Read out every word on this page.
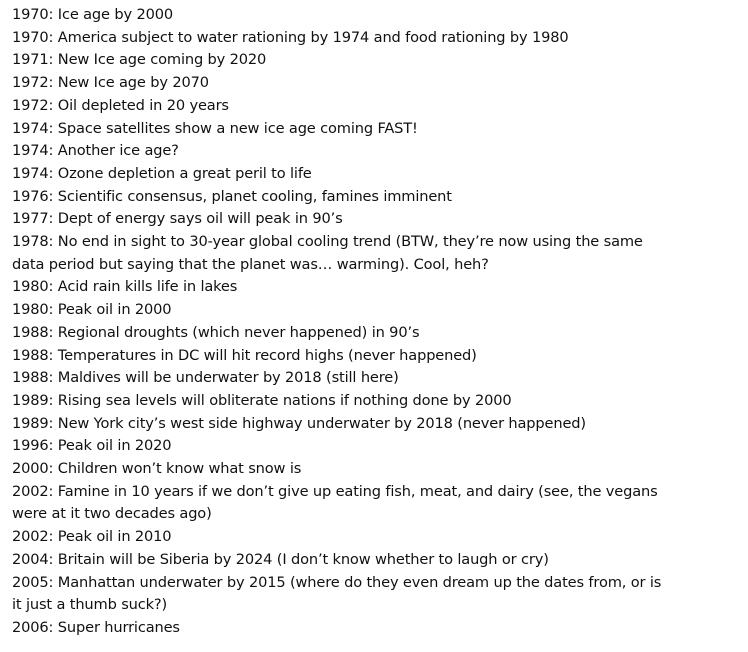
1970: Ice age by 2000

1970: America subject to water rationing by 1974 and food rationing by 1980

1971: New Ice age coming by 2020

1972: New Ice age by 2070

1972: Oil depleted in 20 years

1974: Space satellites show a new ice age coming FAST!

1974: Another ice age?

1974: Ozone depletion a great peril to life

1976: Scientific consensus, planet cooling, famines imminent

1977: Dept of energy says oil will peak in 90’s

1978: No end in sight to 30-year global cooling trend (BTW, they’re now using the same data period but saying that the planet was… warming). Cool, heh?

1980: Acid rain kills life in lakes

1980: Peak oil in 2000

1988: Regional droughts (which never happened) in 90’s

1988: Temperatures in DC will hit record highs (never happened)

1988: Maldives will be underwater by 2018 (still here)

1989: Rising sea levels will obliterate nations if nothing done by 2000

1989: New York city’s west side highway underwater by 2018 (never happened)

1996: Peak oil in 2020

2000: Children won’t know what snow is

2002: Famine in 10 years if we don’t give up eating fish, meat, and dairy (see, the vegans were at it two decades ago)

2002: Peak oil in 2010

2004: Britain will be Siberia by 2024 (I don’t know whether to laugh or cry)

2005: Manhattan underwater by 2015 (where do they even dream up the dates from, or is it just a thumb suck?)

2006: Super hurricanes
